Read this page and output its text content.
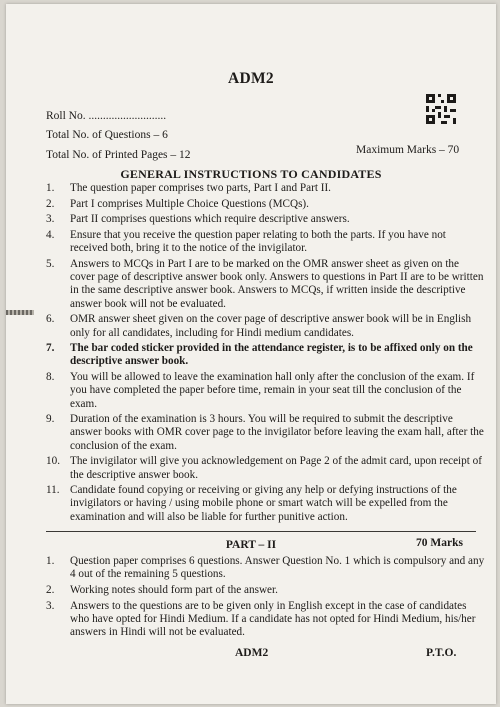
ADM2
Roll No. ...........................
Total No. of Questions – 6
Total No. of Printed Pages – 12	Maximum Marks – 70
GENERAL INSTRUCTIONS TO CANDIDATES
1. The question paper comprises two parts, Part I and Part II.
2. Part I comprises Multiple Choice Questions (MCQs).
3. Part II comprises questions which require descriptive answers.
4. Ensure that you receive the question paper relating to both the parts. If you have not received both, bring it to the notice of the invigilator.
5. Answers to MCQs in Part I are to be marked on the OMR answer sheet as given on the cover page of descriptive answer book only. Answers to questions in Part II are to be written in the same descriptive answer book. Answers to MCQs, if written inside the descriptive answer book will not be evaluated.
6. OMR answer sheet given on the cover page of descriptive answer book will be in English only for all candidates, including for Hindi medium candidates.
7. The bar coded sticker provided in the attendance register, is to be affixed only on the descriptive answer book.
8. You will be allowed to leave the examination hall only after the conclusion of the exam. If you have completed the paper before time, remain in your seat till the conclusion of the exam.
9. Duration of the examination is 3 hours. You will be required to submit the descriptive answer books with OMR cover page to the invigilator before leaving the exam hall, after the conclusion of the exam.
10. The invigilator will give you acknowledgement on Page 2 of the admit card, upon receipt of the descriptive answer book.
11. Candidate found copying or receiving or giving any help or defying instructions of the invigilators or having / using mobile phone or smart watch will be expelled from the examination and will also be liable for further punitive action.
PART – II	70 Marks
1. Question paper comprises 6 questions. Answer Question No. 1 which is compulsory and any 4 out of the remaining 5 questions.
2. Working notes should form part of the answer.
3. Answers to the questions are to be given only in English except in the case of candidates who have opted for Hindi Medium. If a candidate has not opted for Hindi Medium, his/her answers in Hindi will not be evaluated.
ADM2	P.T.O.
